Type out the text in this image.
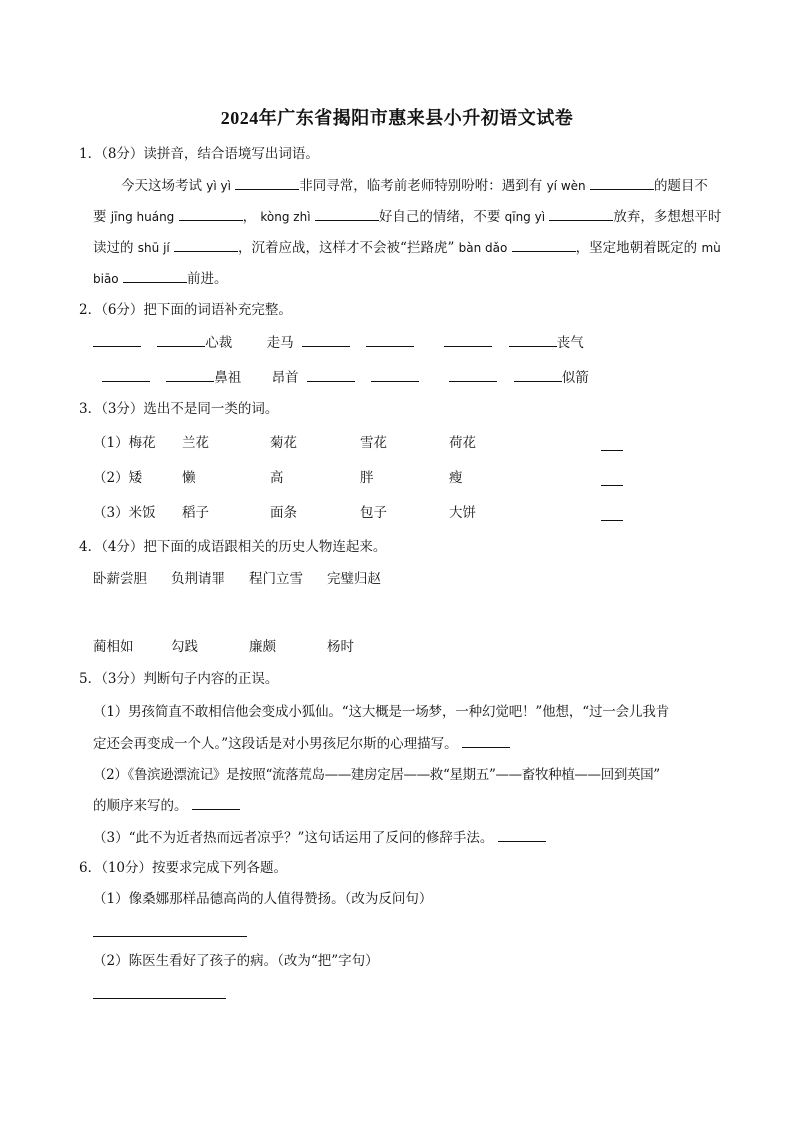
2024年广东省揭阳市惠来县小升初语文试卷
1．（8分）读拼音，结合语境写出词语。
今天这场考试 yì yì	非同寻常，临考前老师特别吩咐：遇到有 yí wèn	的题目不
要 jīng huáng	， kòng zhì	好自己的情绪，不要 qīng yì	放弃，多想想平时
读过的 shū jí	，沉着应战，这样才不会被“拦路虎” bàn dǎo	，坚定地朝着既定的 mù
biāo	前进。
2．（6分）把下面的词语补充完整。
心裁	走马	丧气
鼻祖 昂首	似箭
3．（3分）选出不是同一类的词。
（1）梅花 兰花	菊花	雪花	荷花
（2）矮	懒	高	胖	瘦
（3）米饭 稻子	面条	包子	大饼
4．（4分）把下面的成语跟相关的历史人物连起来。
卧薪尝胆 负荆请罪 程门立雪 完璧归赵
蔺相如	勾践	廉颇	杨时
5．（3分）判断句子内容的正误。
（1）男孩简直不敢相信他会变成小狐仙。“这大概是一场梦，一种幻觉吧！”他想，“过一会儿我肯
定还会再变成一个人。”这段话是对小男孩尼尔斯的心理描写。
（2）《鲁滨逊漂流记》是按照“流落荒岛——建房定居——救“星期五”——畜牧种植——回到英国”
的顺序来写的。
（3）“此不为近者热而远者凉乎？”这句话运用了反问的修辞手法。
6．（10分）按要求完成下列各题。
（1）像桑娜那样品德高尚的人值得赞扬。（改为反问句）
（2）陈医生看好了孩子的病。（改为“把”字句）
